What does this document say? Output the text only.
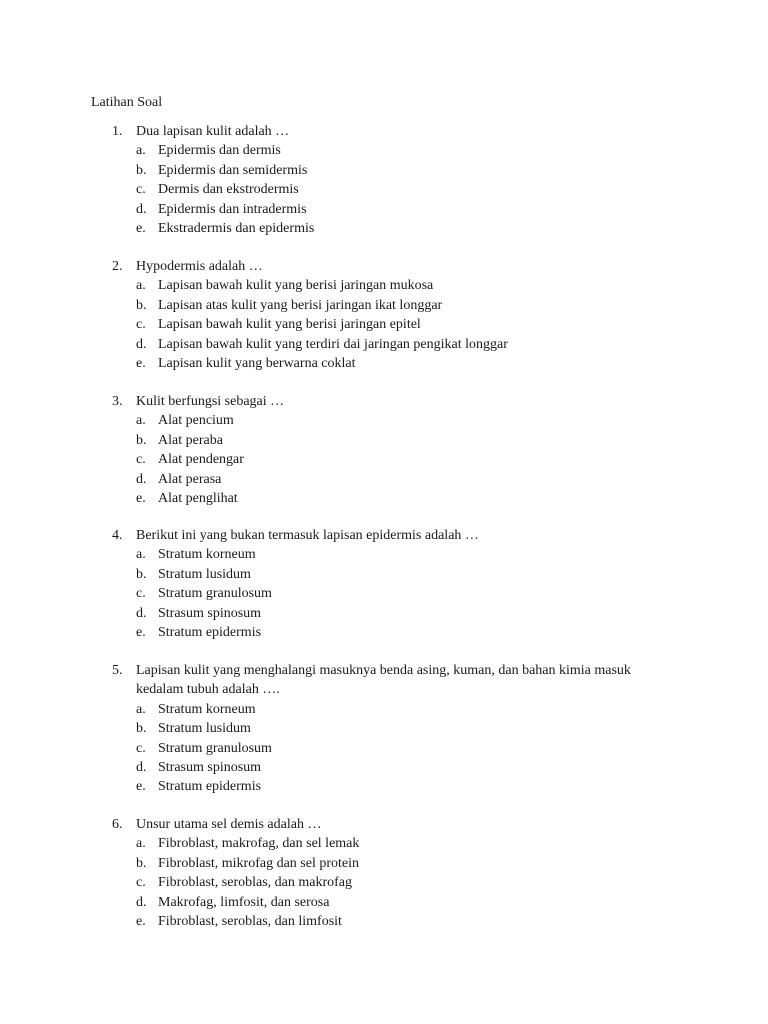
Latihan Soal
1. Dua lapisan kulit adalah …
a. Epidermis dan dermis
b. Epidermis dan semidermis
c. Dermis dan ekstrodermis
d. Epidermis dan intradermis
e. Ekstradermis dan epidermis
2. Hypodermis adalah …
a. Lapisan bawah kulit yang berisi jaringan mukosa
b. Lapisan atas kulit yang berisi jaringan ikat longgar
c. Lapisan bawah kulit yang berisi jaringan epitel
d. Lapisan bawah kulit yang terdiri dai jaringan pengikat longgar
e. Lapisan kulit yang berwarna coklat
3. Kulit berfungsi sebagai …
a. Alat pencium
b. Alat peraba
c. Alat pendengar
d. Alat perasa
e. Alat penglihat
4. Berikut ini yang bukan termasuk lapisan epidermis adalah …
a. Stratum korneum
b. Stratum lusidum
c. Stratum granulosum
d. Strasum spinosum
e. Stratum epidermis
5. Lapisan kulit yang menghalangi masuknya benda asing, kuman, dan bahan kimia masuk
kedalam tubuh adalah ….
a. Stratum korneum
b. Stratum lusidum
c. Stratum granulosum
d. Strasum spinosum
e. Stratum epidermis
6. Unsur utama sel demis adalah …
a. Fibroblast, makrofag, dan sel lemak
b. Fibroblast, mikrofag dan sel protein
c. Fibroblast, seroblas, dan makrofag
d. Makrofag, limfosit, dan serosa
e. Fibroblast, seroblas, dan limfosit
